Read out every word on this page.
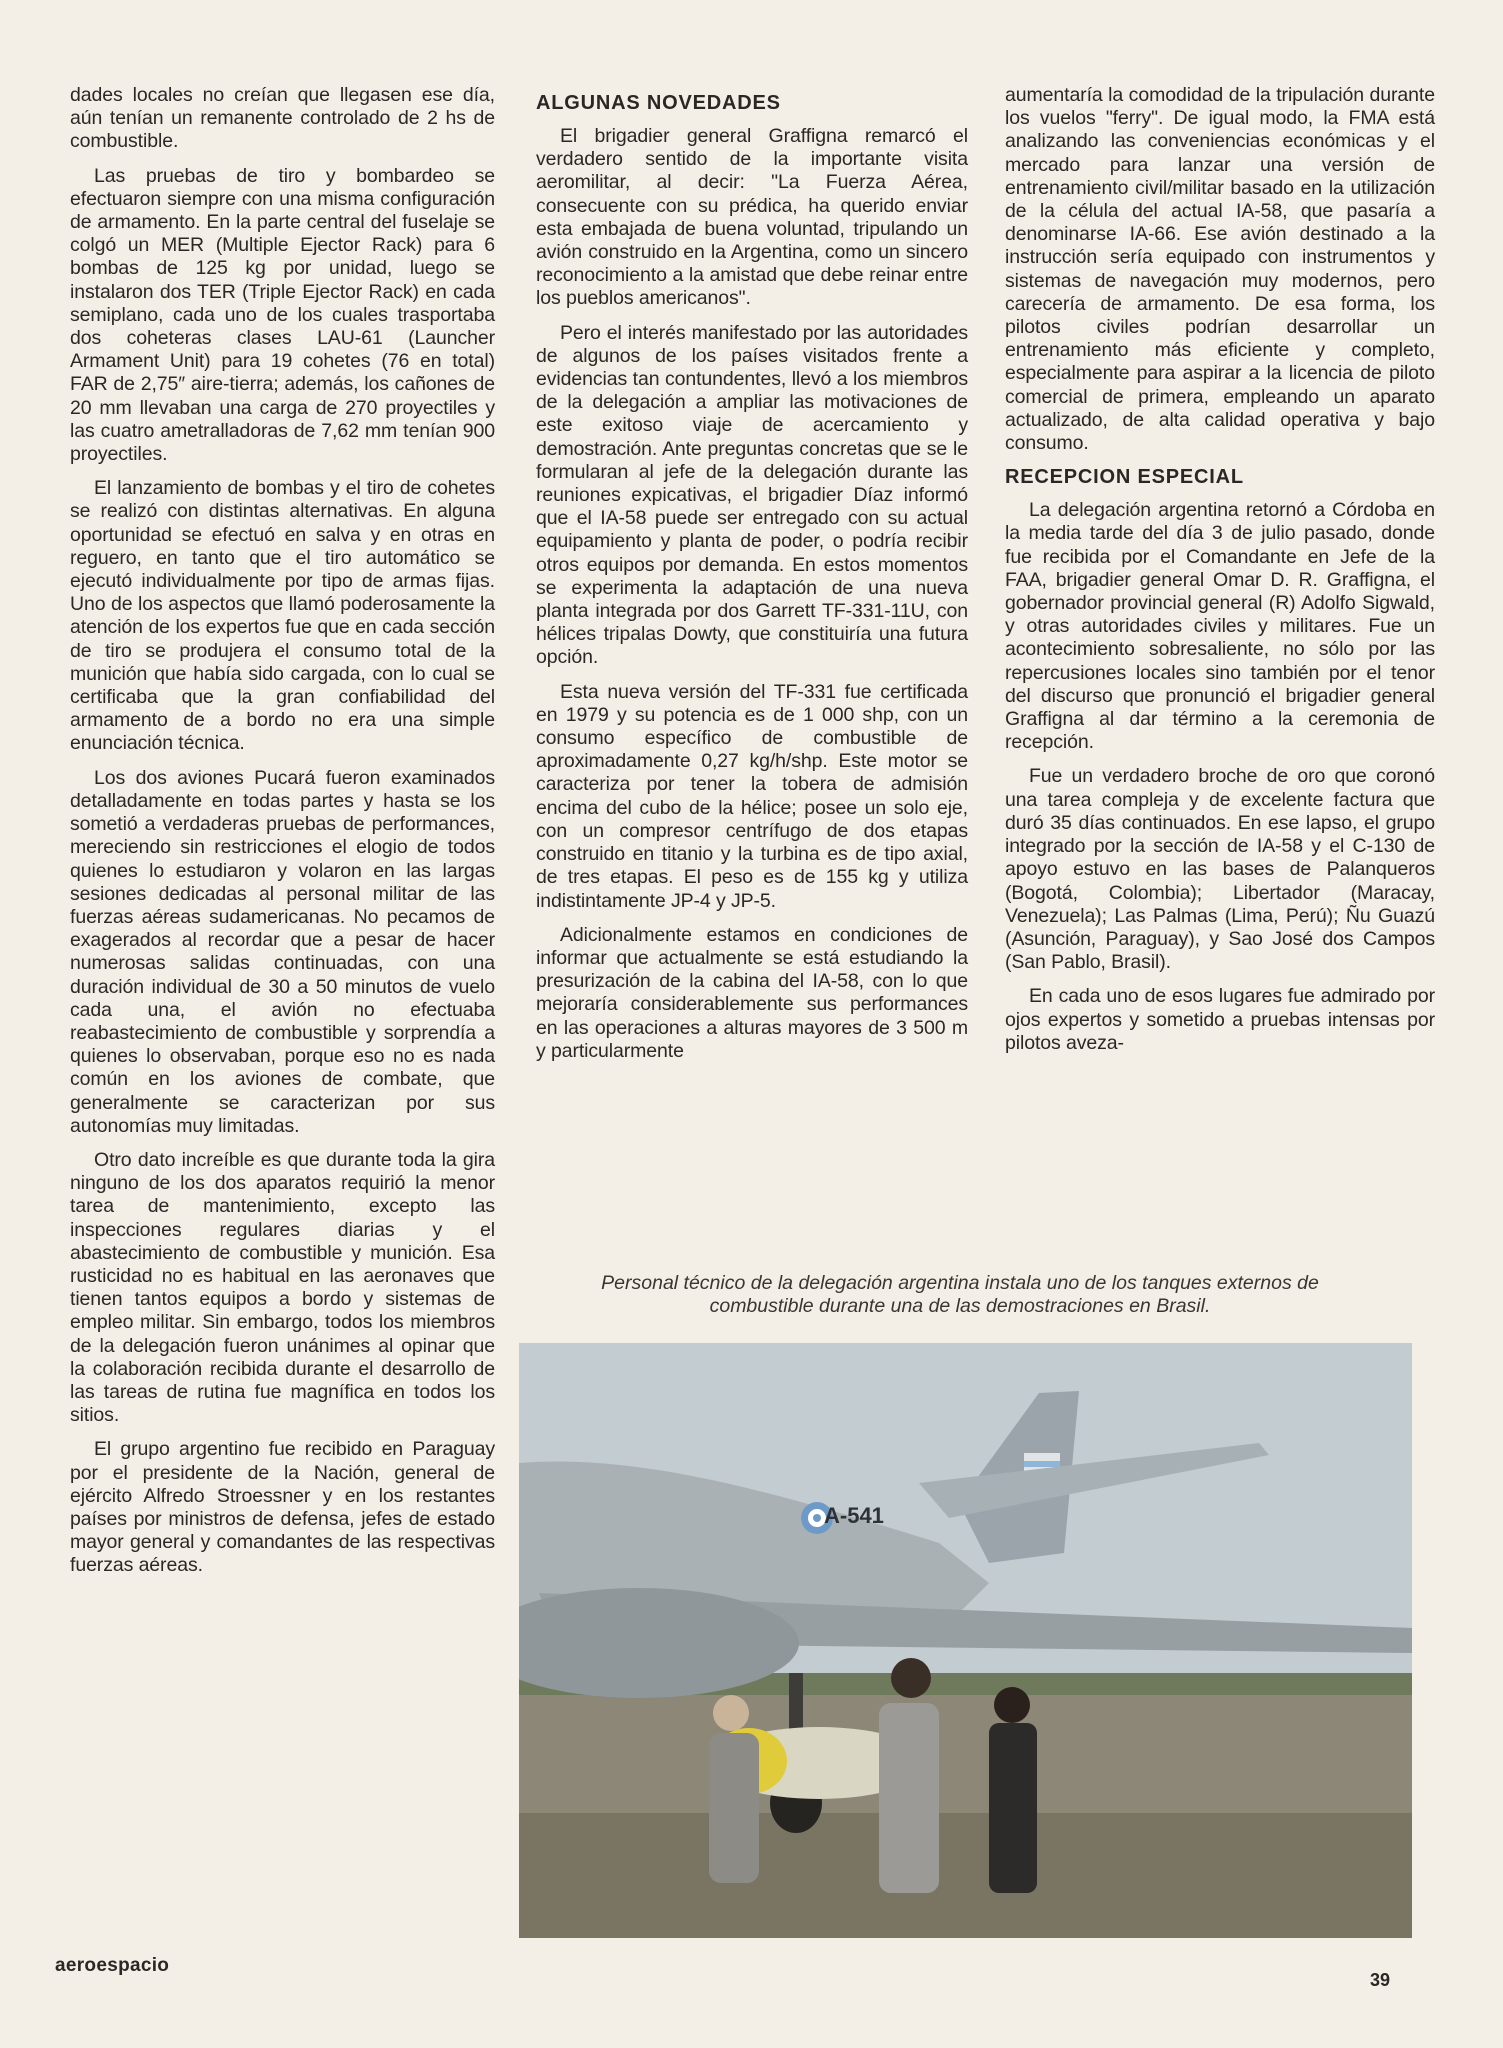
dades locales no creían que llegasen ese día, aún tenían un remanente controlado de 2 hs de combustible.

Las pruebas de tiro y bombardeo se efectuaron siempre con una misma configuración de armamento. En la parte central del fuselaje se colgó un MER (Multiple Ejector Rack) para 6 bombas de 125 kg por unidad, luego se instalaron dos TER (Triple Ejector Rack) en cada semiplano, cada uno de los cuales trasportaba dos coheteras clases LAU-61 (Launcher Armament Unit) para 19 cohetes (76 en total) FAR de 2,75″ aire-tierra; además, los cañones de 20 mm llevaban una carga de 270 proyectiles y las cuatro ametralladoras de 7,62 mm tenían 900 proyectiles.

El lanzamiento de bombas y el tiro de cohetes se realizó con distintas alternativas. En alguna oportunidad se efectuó en salva y en otras en reguero, en tanto que el tiro automático se ejecutó individualmente por tipo de armas fijas. Uno de los aspectos que llamó poderosamente la atención de los expertos fue que en cada sección de tiro se produjera el consumo total de la munición que había sido cargada, con lo cual se certificaba que la gran confiabilidad del armamento de a bordo no era una simple enunciación técnica.

Los dos aviones Pucará fueron examinados detalladamente en todas partes y hasta se los sometió a verdaderas pruebas de performances, mereciendo sin restricciones el elogio de todos quienes lo estudiaron y volaron en las largas sesiones dedicadas al personal militar de las fuerzas aéreas sudamericanas. No pecamos de exagerados al recordar que a pesar de hacer numerosas salidas continuadas, con una duración individual de 30 a 50 minutos de vuelo cada una, el avión no efectuaba reabastecimiento de combustible y sorprendía a quienes lo observaban, porque eso no es nada común en los aviones de combate, que generalmente se caracterizan por sus autonomías muy limitadas.

Otro dato increíble es que durante toda la gira ninguno de los dos aparatos requirió la menor tarea de mantenimiento, excepto las inspecciones regulares diarias y el abastecimiento de combustible y munición. Esa rusticidad no es habitual en las aeronaves que tienen tantos equipos a bordo y sistemas de empleo militar. Sin embargo, todos los miembros de la delegación fueron unánimes al opinar que la colaboración recibida durante el desarrollo de las tareas de rutina fue magnífica en todos los sitios.

El grupo argentino fue recibido en Paraguay por el presidente de la Nación, general de ejército Alfredo Stroessner y en los restantes países por ministros de defensa, jefes de estado mayor general y comandantes de las respectivas fuerzas aéreas.

ALGUNAS NOVEDADES

El brigadier general Graffigna remarcó el verdadero sentido de la importante visita aeromilitar, al decir: "La Fuerza Aérea, consecuente con su prédica, ha querido enviar esta embajada de buena voluntad, tripulando un avión construido en la Argentina, como un sincero reconocimiento a la amistad que debe reinar entre los pueblos americanos".

Pero el interés manifestado por las autoridades de algunos de los países visitados frente a evidencias tan contundentes, llevó a los miembros de la delegación a ampliar las motivaciones de este exitoso viaje de acercamiento y demostración. Ante preguntas concretas que se le formularan al jefe de la delegación durante las reuniones expicativas, el brigadier Díaz informó que el IA-58 puede ser entregado con su actual equipamiento y planta de poder, o podría recibir otros equipos por demanda. En estos momentos se experimenta la adaptación de una nueva planta integrada por dos Garrett TF-331-11U, con hélices tripalas Dowty, que constituiría una futura opción.

Esta nueva versión del TF-331 fue certificada en 1979 y su potencia es de 1 000 shp, con un consumo específico de combustible de aproximadamente 0,27 kg/h/shp. Este motor se caracteriza por tener la tobera de admisión encima del cubo de la hélice; posee un solo eje, con un compresor centrífugo de dos etapas construido en titanio y la turbina es de tipo axial, de tres etapas. El peso es de 155 kg y utiliza indistintamente JP-4 y JP-5.

Adicionalmente estamos en condiciones de informar que actualmente se está estudiando la presurización de la cabina del IA-58, con lo que mejoraría considerablemente sus performances en las operaciones a alturas mayores de 3 500 m y particularmente

aumentaría la comodidad de la tripulación durante los vuelos "ferry". De igual modo, la FMA está analizando las conveniencias económicas y el mercado para lanzar una versión de entrenamiento civil/militar basado en la utilización de la célula del actual IA-58, que pasaría a denominarse IA-66. Ese avión destinado a la instrucción sería equipado con instrumentos y sistemas de navegación muy modernos, pero carecería de armamento. De esa forma, los pilotos civiles podrían desarrollar un entrenamiento más eficiente y completo, especialmente para aspirar a la licencia de piloto comercial de primera, empleando un aparato actualizado, de alta calidad operativa y bajo consumo.

RECEPCION ESPECIAL

La delegación argentina retornó a Córdoba en la media tarde del día 3 de julio pasado, donde fue recibida por el Comandante en Jefe de la FAA, brigadier general Omar D. R. Graffigna, el gobernador provincial general (R) Adolfo Sigwald, y otras autoridades civiles y militares. Fue un acontecimiento sobresaliente, no sólo por las repercusiones locales sino también por el tenor del discurso que pronunció el brigadier general Graffigna al dar término a la ceremonia de recepción.

Fue un verdadero broche de oro que coronó una tarea compleja y de excelente factura que duró 35 días continuados. En ese lapso, el grupo integrado por la sección de IA-58 y el C-130 de apoyo estuvo en las bases de Palanqueros (Bogotá, Colombia); Libertador (Maracay, Venezuela); Las Palmas (Lima, Perú); Ñu Guazú (Asunción, Paraguay), y Sao José dos Campos (San Pablo, Brasil).

En cada uno de esos lugares fue admirado por ojos expertos y sometido a pruebas intensas por pilotos aveza-

Personal técnico de la delegación argentina instala uno de los tanques externos de combustible durante una de las demostraciones en Brasil.
A-541
aeroespacio
39
